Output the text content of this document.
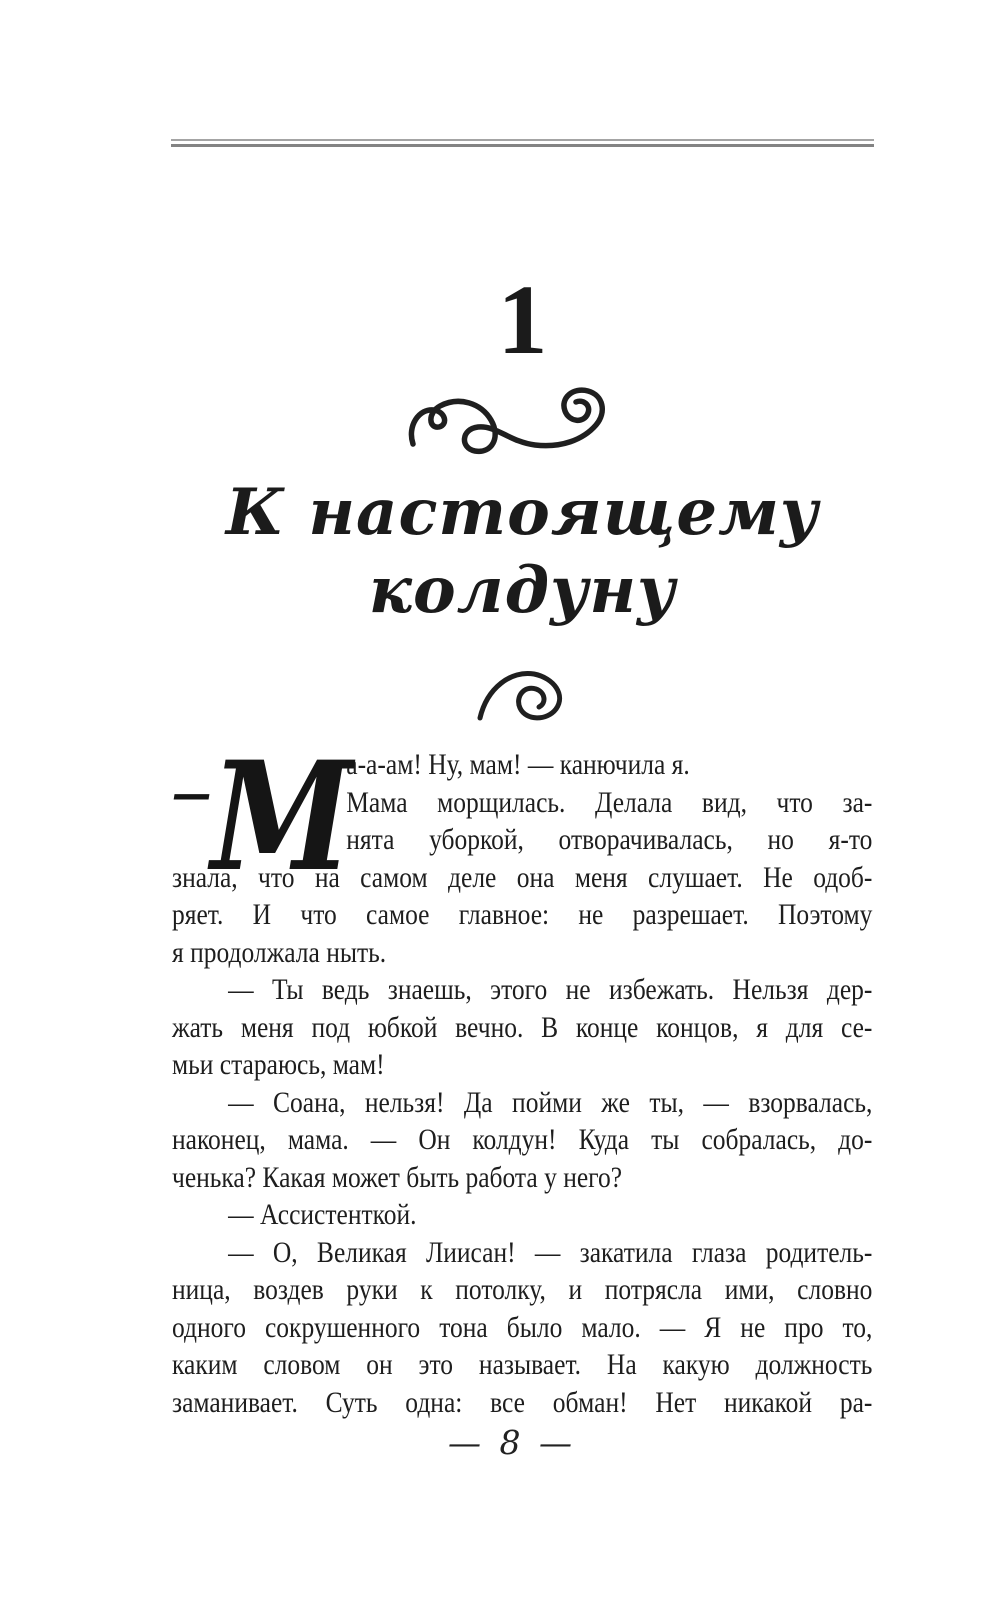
1
К настоящему
колдуну
— М
а-а-ам! Ну, мам! — канючила я.
Мама морщилась. Делала вид, что за-
нята уборкой, отворачивалась, но я-то
знала, что на самом деле она меня слушает. Не одоб-
ряет. И что самое главное: не разрешает. Поэтому
я продолжала ныть.
— Ты ведь знаешь, этого не избежать. Нельзя дер-
жать меня под юбкой вечно. В конце концов, я для се-
мьи стараюсь, мам!
— Соана, нельзя! Да пойми же ты, — взорвалась,
наконец, мама. — Он колдун! Куда ты собралась, до-
ченька? Какая может быть работа у него?
— Ассистенткой.
— О, Великая Лиисан! — закатила глаза родитель-
ница, воздев руки к потолку, и потрясла ими, словно
одного сокрушенного тона было мало. — Я не про то,
каким словом он это называет. На какую должность
заманивает. Суть одна: все обман! Нет никакой ра-
— 8 —
